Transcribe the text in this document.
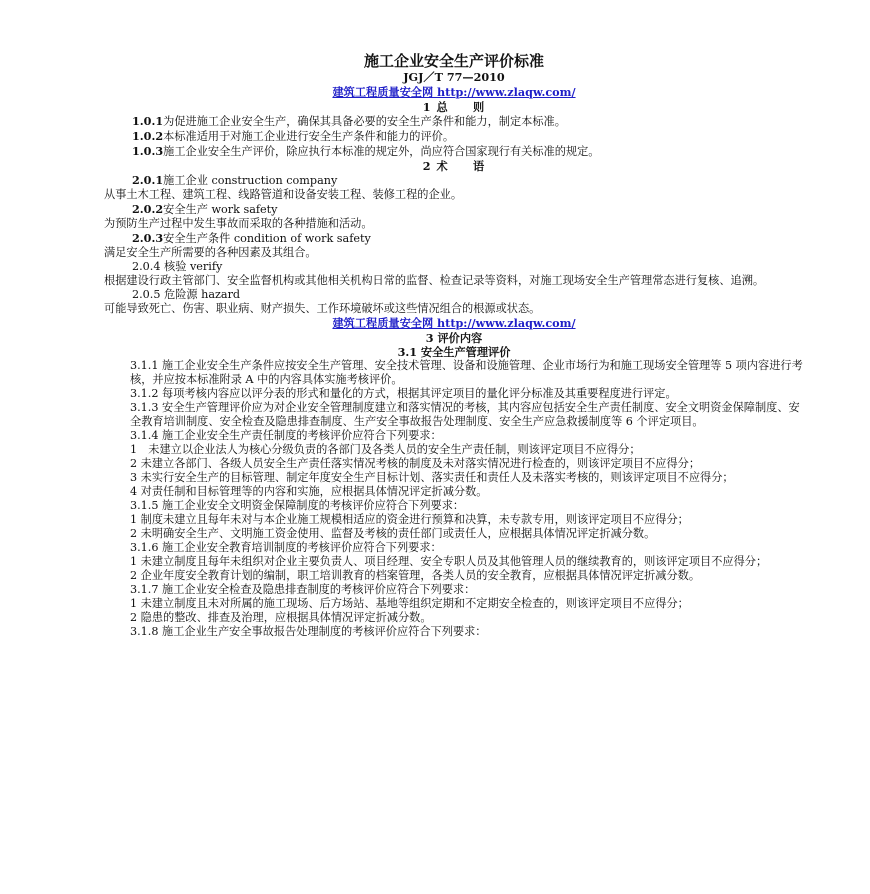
施工企业安全生产评价标准
JGJ／T 77—2010
建筑工程质量安全网 http://www.zlaqw.com/
1 总　　则

1.0.1为促进施工企业安全生产，确保其具备必要的安全生产条件和能力，制定本标准。

1.0.2本标准适用于对施工企业进行安全生产条件和能力的评价。

1.0.3施工企业安全生产评价，除应执行本标准的规定外，尚应符合国家现行有关标准的规定。

2 术　　语

2.0.1施工企业 construction company

从事土木工程、建筑工程、线路管道和设备安装工程、装修工程的企业。

2.0.2安全生产 work safety

为预防生产过程中发生事故而采取的各种措施和活动。

2.0.3安全生产条件 condition of work safety

满足安全生产所需要的各种因素及其组合。

2.0.4 核验 verify

根据建设行政主管部门、安全监督机构或其他相关机构日常的监督、检查记录等资料，对施工现场安全生产管理常态进行复核、追溯。

2.0.5 危险源 hazard

可能导致死亡、伤害、职业病、财产损失、工作环境破坏或这些情况组合的根源或状态。

建筑工程质量安全网 http://www.zlaqw.com/
3 评价内容
3.1 安全生产管理评价

3.1.1 施工企业安全生产条件应按安全生产管理、安全技术管理、设备和设施管理、企业市场行为和施工现场安全管理等 5 项内容进行考核，并应按本标准附录 A 中的内容具体实施考核评价。

3.1.2 每项考核内容应以评分表的形式和量化的方式，根据其评定项目的量化评分标准及其重要程度进行评定。

3.1.3 安全生产管理评价应为对企业安全管理制度建立和落实情况的考核，其内容应包括安全生产责任制度、安全文明资金保障制度、安全教育培训制度、安全检查及隐患排查制度、生产安全事故报告处理制度、安全生产应急救援制度等 6 个评定项目。

3.1.4 施工企业安全生产责任制度的考核评价应符合下列要求：

1　未建立以企业法人为核心分级负责的各部门及各类人员的安全生产责任制，则该评定项目不应得分；

2 未建立各部门、各级人员安全生产责任落实情况考核的制度及未对落实情况进行检查的，则该评定项目不应得分；

3 未实行安全生产的目标管理、制定年度安全生产目标计划、落实责任和责任人及未落实考核的，则该评定项目不应得分；

4 对责任制和目标管理等的内容和实施，应根据具体情况评定折减分数。

3.1.5 施工企业安全文明资金保障制度的考核评价应符合下列要求：

1 制度未建立且每年未对与本企业施工规模相适应的资金进行预算和决算，未专款专用，则该评定项目不应得分；

2 未明确安全生产、文明施工资金使用、监督及考核的责任部门或责任人，应根据具体情况评定折减分数。

3.1.6 施工企业安全教育培训制度的考核评价应符合下列要求：

1 未建立制度且每年未组织对企业主要负责人、项目经理、安全专职人员及其他管理人员的继续教育的，则该评定项目不应得分；

2 企业年度安全教育计划的编制，职工培训教育的档案管理，各类人员的安全教育，应根据具体情况评定折减分数。

3.1.7 施工企业安全检查及隐患排查制度的考核评价应符合下列要求：

1 未建立制度且未对所属的施工现场、后方场站、基地等组织定期和不定期安全检查的，则该评定项目不应得分；

2 隐患的整改、排查及治理，应根据具体情况评定折减分数。

3.1.8 施工企业生产安全事故报告处理制度的考核评价应符合下列要求：
